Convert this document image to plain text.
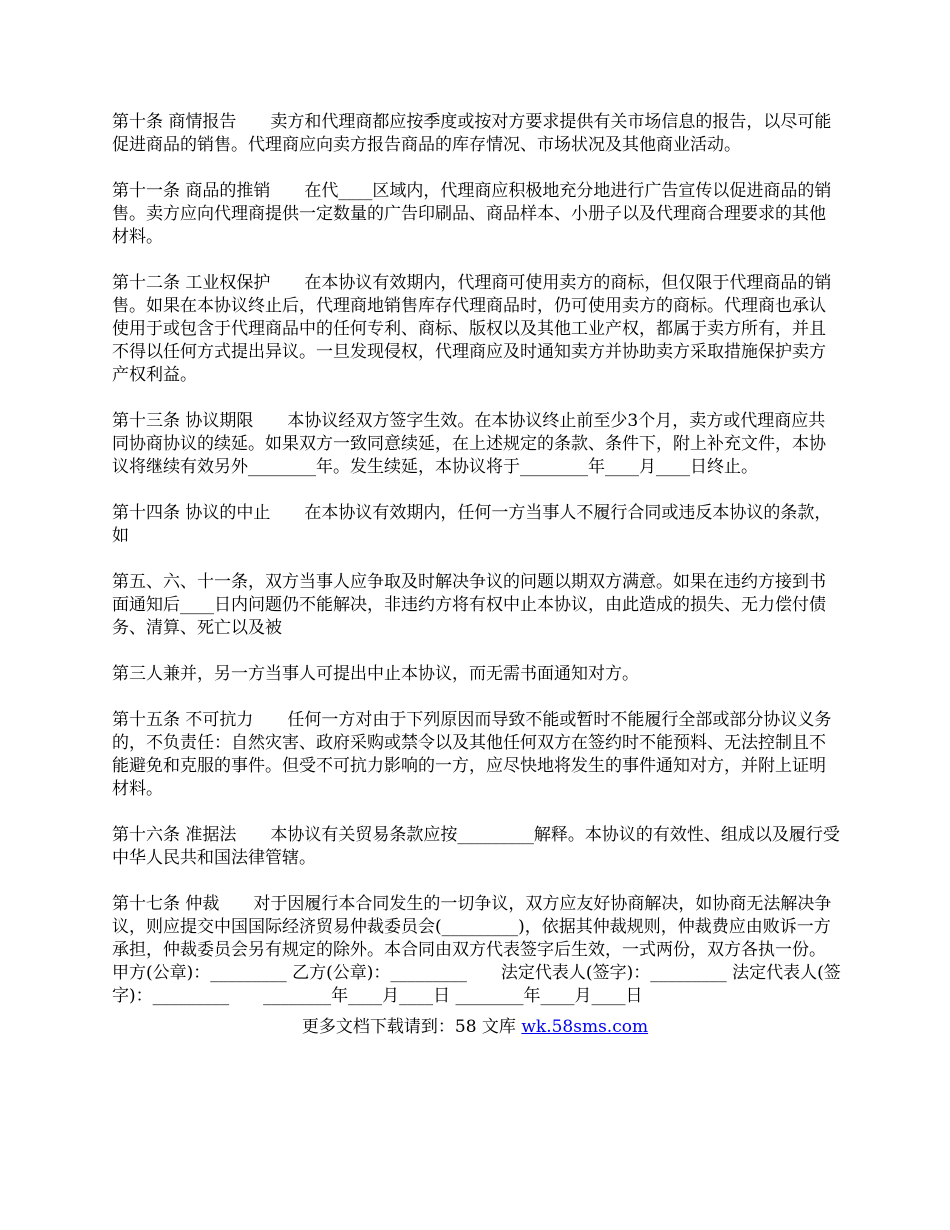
第十条 商情报告　　卖方和代理商都应按季度或按对方要求提供有关市场信息的报告，以尽可能促进商品的销售。代理商应向卖方报告商品的库存情况、市场状况及其他商业活动。

第十一条 商品的推销　　在代____区域内，代理商应积极地充分地进行广告宣传以促进商品的销售。卖方应向代理商提供一定数量的广告印刷品、商品样本、小册子以及代理商合理要求的其他材料。

第十二条 工业权保护　　在本协议有效期内，代理商可使用卖方的商标，但仅限于代理商品的销售。如果在本协议终止后，代理商地销售库存代理商品时，仍可使用卖方的商标。代理商也承认使用于或包含于代理商品中的任何专利、商标、版权以及其他工业产权，都属于卖方所有，并且不得以任何方式提出异议。一旦发现侵权，代理商应及时通知卖方并协助卖方采取措施保护卖方产权利益。

第十三条 协议期限　　本协议经双方签字生效。在本协议终止前至少3个月，卖方或代理商应共同协商协议的续延。如果双方一致同意续延，在上述规定的条款、条件下，附上补充文件，本协议将继续有效另外________年。发生续延，本协议将于________年____月____日终止。

第十四条 协议的中止　　在本协议有效期内，任何一方当事人不履行合同或违反本协议的条款，如

第五、六、十一条，双方当事人应争取及时解决争议的问题以期双方满意。如果在违约方接到书面通知后____日内问题仍不能解决，非违约方将有权中止本协议，由此造成的损失、无力偿付债务、清算、死亡以及被

第三人兼并，另一方当事人可提出中止本协议，而无需书面通知对方。

第十五条 不可抗力　　任何一方对由于下列原因而导致不能或暂时不能履行全部或部分协议义务的，不负责任：自然灾害、政府采购或禁令以及其他任何双方在签约时不能预料、无法控制且不能避免和克服的事件。但受不可抗力影响的一方，应尽快地将发生的事件通知对方，并附上证明材料。

第十六条 准据法　　本协议有关贸易条款应按_________解释。本协议的有效性、组成以及履行受中华人民共和国法律管辖。

第十七条 仲裁　　对于因履行本合同发生的一切争议，双方应友好协商解决，如协商无法解决争议，则应提交中国国际经济贸易仲裁委员会(_________)，依据其仲裁规则，仲裁费应由败诉一方承担，仲裁委员会另有规定的除外。本合同由双方代表签字后生效，一式两份，双方各执一份。　　甲方(公章)：_________ 乙方(公章)：_________　　法定代表人(签字)：_________ 法定代表人(签字)：_________　　________年____月____日 ________年____月____日

更多文档下载请到：58 文库 wk.58sms.com
